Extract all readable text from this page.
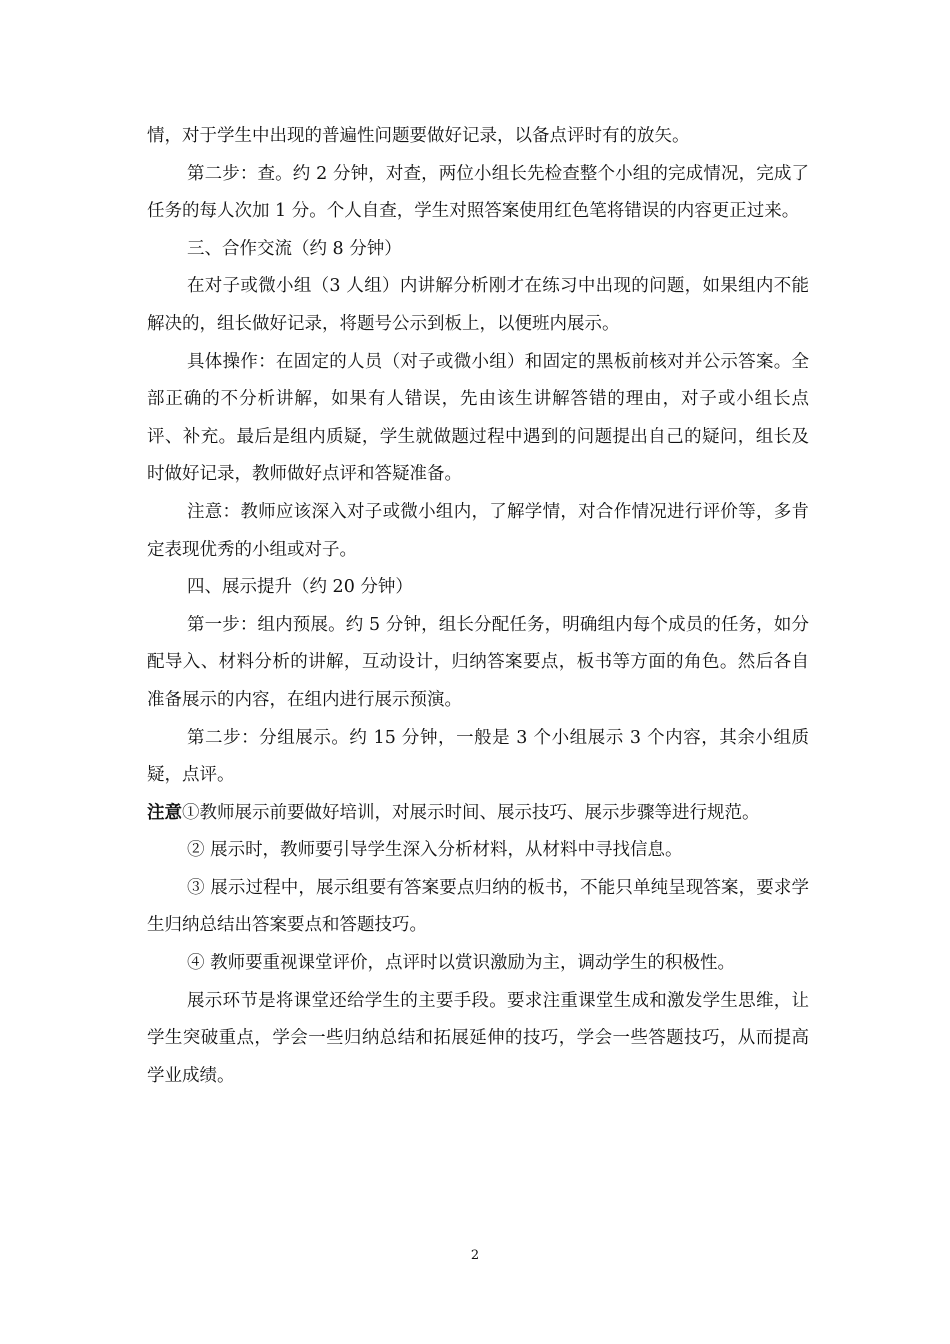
情，对于学生中出现的普遍性问题要做好记录，以备点评时有的放矢。

第二步：查。约 2 分钟，对查，两位小组长先检查整个小组的完成情况，完成了任务的每人次加 1 分。个人自查，学生对照答案使用红色笔将错误的内容更正过来。

三、合作交流（约 8 分钟）

在对子或微小组（3 人组）内讲解分析刚才在练习中出现的问题，如果组内不能解决的，组长做好记录，将题号公示到板上，以便班内展示。

具体操作：在固定的人员（对子或微小组）和固定的黑板前核对并公示答案。全部正确的不分析讲解，如果有人错误，先由该生讲解答错的理由，对子或小组长点评、补充。最后是组内质疑，学生就做题过程中遇到的问题提出自己的疑问，组长及时做好记录，教师做好点评和答疑准备。

注意：教师应该深入对子或微小组内，了解学情，对合作情况进行评价等，多肯定表现优秀的小组或对子。

四、展示提升（约 20 分钟）

第一步：组内预展。约 5 分钟，组长分配任务，明确组内每个成员的任务，如分配导入、材料分析的讲解，互动设计，归纳答案要点，板书等方面的角色。然后各自准备展示的内容，在组内进行展示预演。

第二步：分组展示。约 15 分钟，一般是 3 个小组展示 3 个内容，其余小组质疑，点评。

注意①教师展示前要做好培训，对展示时间、展示技巧、展示步骤等进行规范。

② 展示时，教师要引导学生深入分析材料，从材料中寻找信息。

③ 展示过程中，展示组要有答案要点归纳的板书，不能只单纯呈现答案，要求学生归纳总结出答案要点和答题技巧。

④ 教师要重视课堂评价，点评时以赏识激励为主，调动学生的积极性。

展示环节是将课堂还给学生的主要手段。要求注重课堂生成和激发学生思维，让学生突破重点，学会一些归纳总结和拓展延伸的技巧，学会一些答题技巧，从而提高学业成绩。

2
